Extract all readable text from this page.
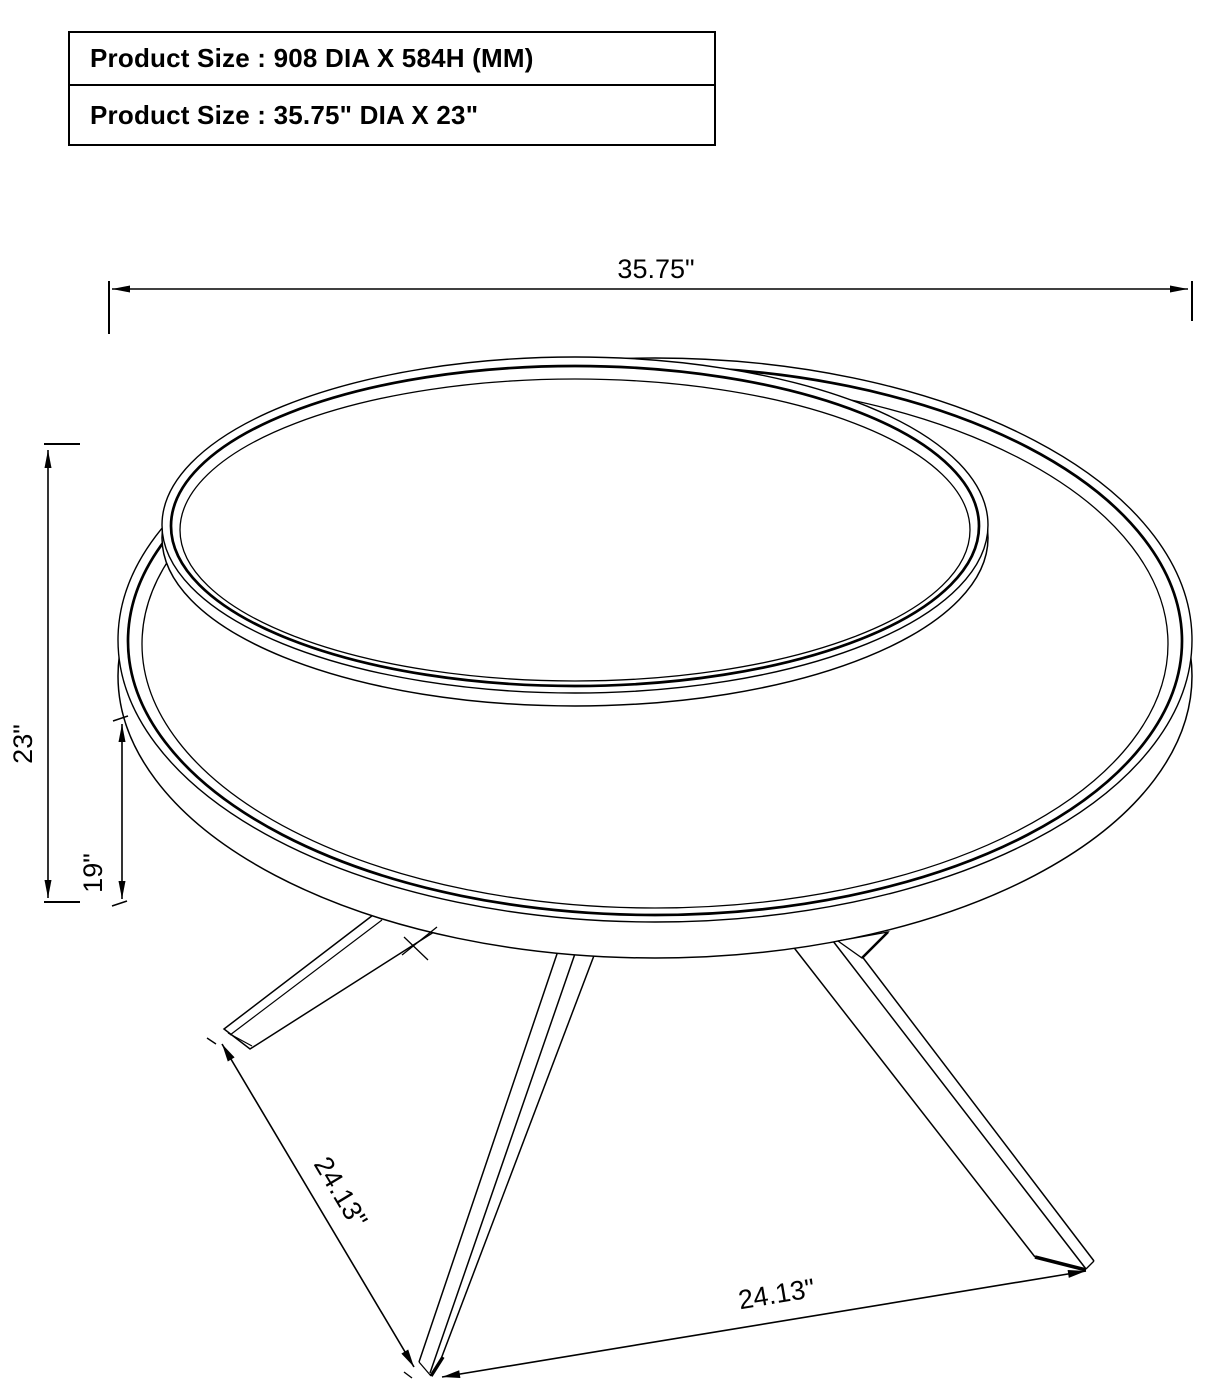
Product Size : 908 DIA X 584H (MM)
Product Size : 35.75" DIA X 23"
35.75"
23"
19"
24.13"
24.13"
